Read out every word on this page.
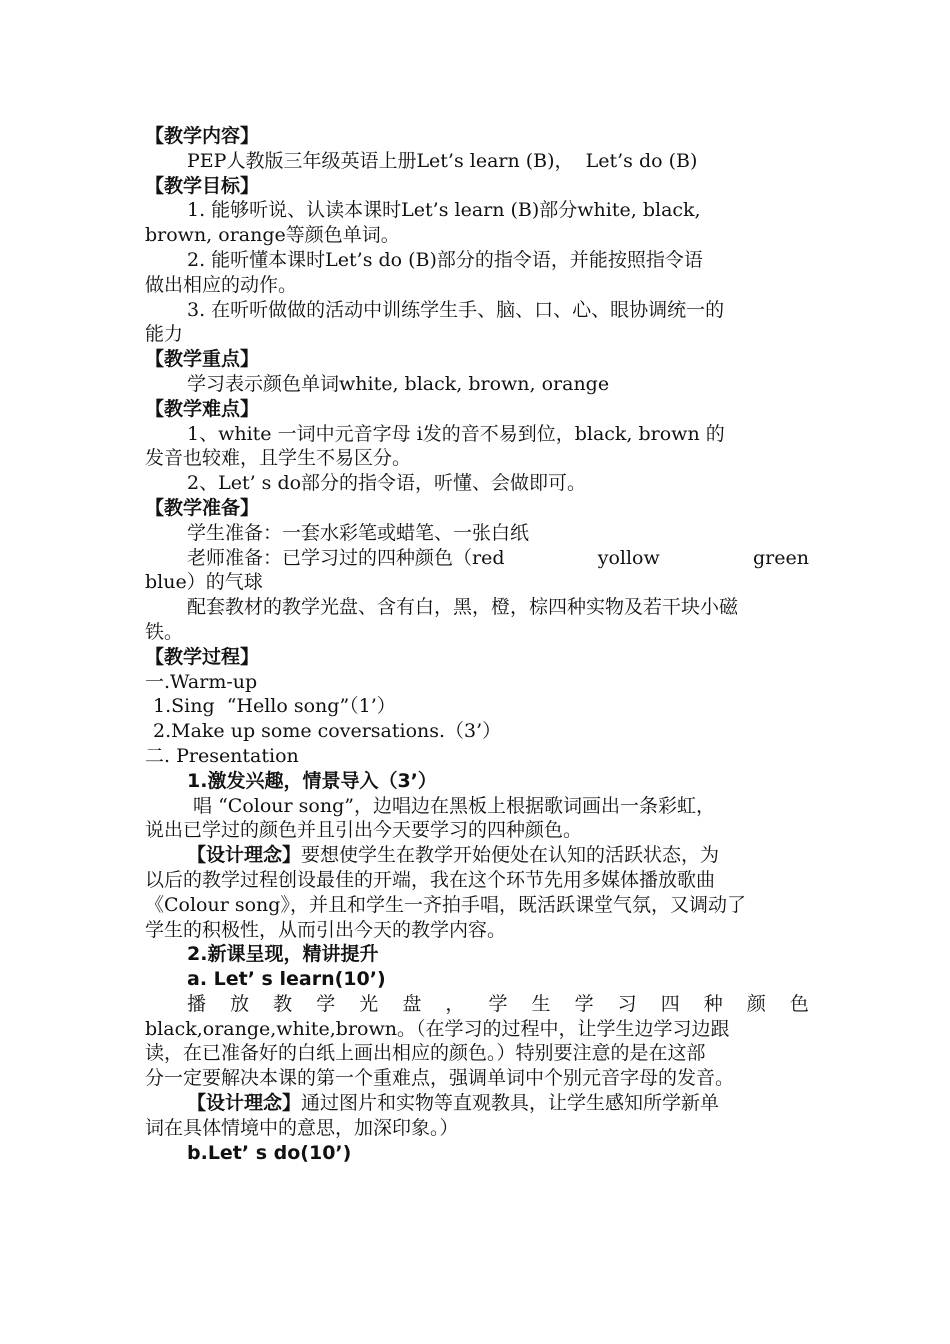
【教学内容】
PEP人教版三年级英语上册Let’s learn (B)，  Let’s do (B)
【教学目标】
1. 能够听说、认读本课时Let’s learn (B)部分white, black,
brown, orange等颜色单词。
2. 能听懂本课时Let’s do (B)部分的指令语，并能按照指令语
做出相应的动作。
3. 在听听做做的活动中训练学生手、脑、口、心、眼协调统一的
能力
【教学重点】
学习表示颜色单词white, black, brown, orange
【教学难点】
1、white 一词中元音字母 i发的音不易到位，black, brown 的
发音也较难，且学生不易区分。
2、Let’ s do部分的指令语，听懂、会做即可。
【教学准备】
学生准备：一套水彩笔或蜡笔、一张白纸
老师准备：已学习过的四种颜色（red	yollow	green
blue）的气球
配套教材的教学光盘、含有白，黑，橙，棕四种实物及若干块小磁
铁。
【教学过程】
一.Warm-up
1.Sing  “Hello song”（1’）
2.Make up some coversations.（3’）
二. Presentation
1.激发兴趣，情景导入（3’）
唱 “Colour song”，边唱边在黑板上根据歌词画出一条彩虹，
说出已学过的颜色并且引出今天要学习的四种颜色。
【设计理念】要想使学生在教学开始便处在认知的活跃状态，为
以后的教学过程创设最佳的开端，我在这个环节先用多媒体播放歌曲
《Colour song》，并且和学生一齐拍手唱，既活跃课堂气氛，又调动了
学生的积极性，从而引出今天的教学内容。
2.新课呈现，精讲提升
a. Let’ s learn(10’)
播 放 教 学 光 盘 ， 学 生 学 习 四 种 颜 色
black,orange,white,brown。（在学习的过程中，让学生边学习边跟
读，在已准备好的白纸上画出相应的颜色。）特别要注意的是在这部
分一定要解决本课的第一个重难点，强调单词中个别元音字母的发音。
【设计理念】通过图片和实物等直观教具，让学生感知所学新单
词在具体情境中的意思，加深印象。）
b.Let’ s do(10’)
